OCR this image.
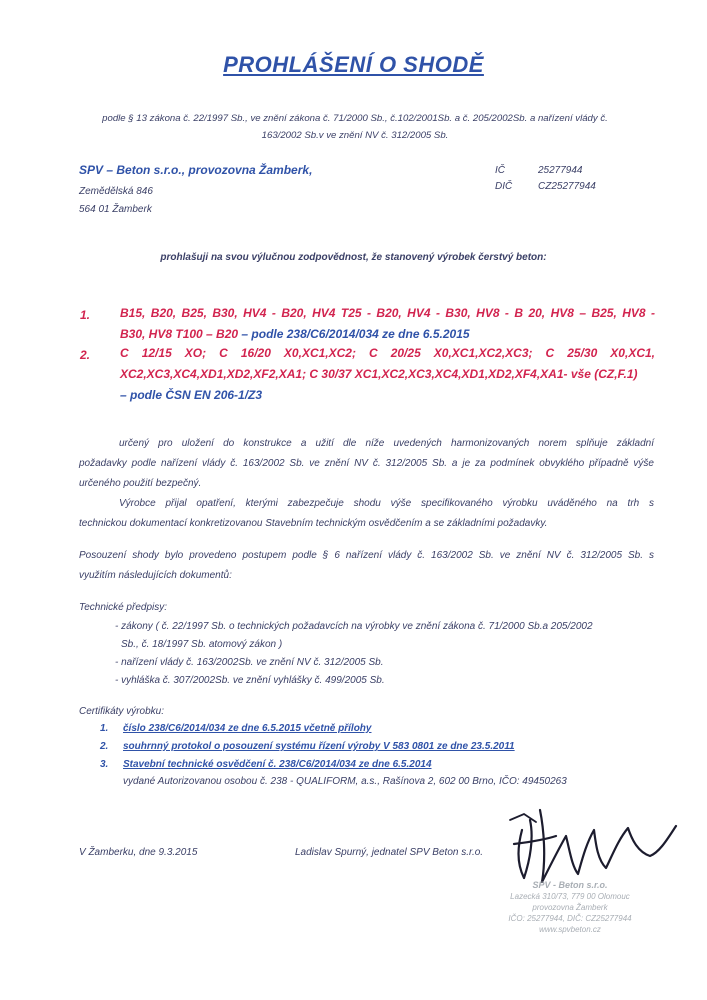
PROHLÁŠENÍ O SHODĚ
podle § 13 zákona č. 22/1997 Sb., ve znění zákona č. 71/2000 Sb., č.102/2001Sb. a č. 205/2002Sb. a nařízení vlády č.
163/2002 Sb.v ve znění NV č. 312/2005 Sb.
SPV – Beton s.r.o., provozovna Žamberk,
Zemědělská 846
564 01 Žamberk
IČ	25277944
DIČ	CZ25277944
prohlašuji na svou výlučnou zodpovědnost, že stanovený výrobek čerstvý beton:
1. B15, B20, B25, B30, HV4 - B20, HV4 T25 - B20, HV4 - B30, HV8 - B 20, HV8 – B25, HV8 -
B30, HV8 T100 – B20 – podle 238/C6/2014/034 ze dne 6.5.2015
2. C 12/15 XO; C 16/20 X0,XC1,XC2; C 20/25 X0,XC1,XC2,XC3; C 25/30 X0,XC1,
XC2,XC3,XC4,XD1,XD2,XF2,XA1; C 30/37 XC1,XC2,XC3,XC4,XD1,XD2,XF4,XA1- vše (CZ,F.1)
– podle ČSN EN 206-1/Z3
určený pro uložení do konstrukce a užití dle níže uvedených harmonizovaných norem splňuje základní
požadavky podle nařízení vlády č. 163/2002 Sb. ve znění NV č. 312/2005 Sb. a je za podmínek obvyklého případně výše
určeného použití bezpečný.
Výrobce přijal opatření, kterými zabezpečuje shodu výše specifikovaného výrobku uváděného na trh s
technickou dokumentací konkretizovanou Stavebním technickým osvědčením a se základními požadavky.
Posouzení shody bylo provedeno postupem podle § 6 nařízení vlády č. 163/2002 Sb. ve znění NV č. 312/2005 Sb. s
využitím následujících dokumentů:
Technické předpisy:
- zákony ( č. 22/1997 Sb. o technických požadavcích na výrobky ve znění zákona č. 71/2000 Sb.a 205/2002
Sb., č. 18/1997 Sb. atomový zákon )
- nařízení vlády č. 163/2002Sb. ve znění NV č. 312/2005 Sb.
- vyhláška č. 307/2002Sb. ve znění vyhlášky č. 499/2005 Sb.
Certifikáty výrobku:
1. číslo 238/C6/2014/034 ze dne 6.5.2015 včetně přílohy
2. souhrnný protokol o posouzení systému řízení výroby V 583 0801 ze dne 23.5.2011
3. Stavební technické osvědčení č. 238/C6/2014/034 ze dne 6.5.2014
vydané Autorizovanou osobou č. 238 - QUALIFORM, a.s., Rašínova 2, 602 00 Brno, IČO: 49450263
V Žamberku, dne 9.3.2015	Ladislav Spurný, jednatel SPV Beton s.r.o.
SPV - Beton s.r.o.
Lazecká 310/73, 779 00 Olomouc
provozovna Žamberk
IČO: 25277944, DIČ: CZ25277944
www.spvbeton.cz
